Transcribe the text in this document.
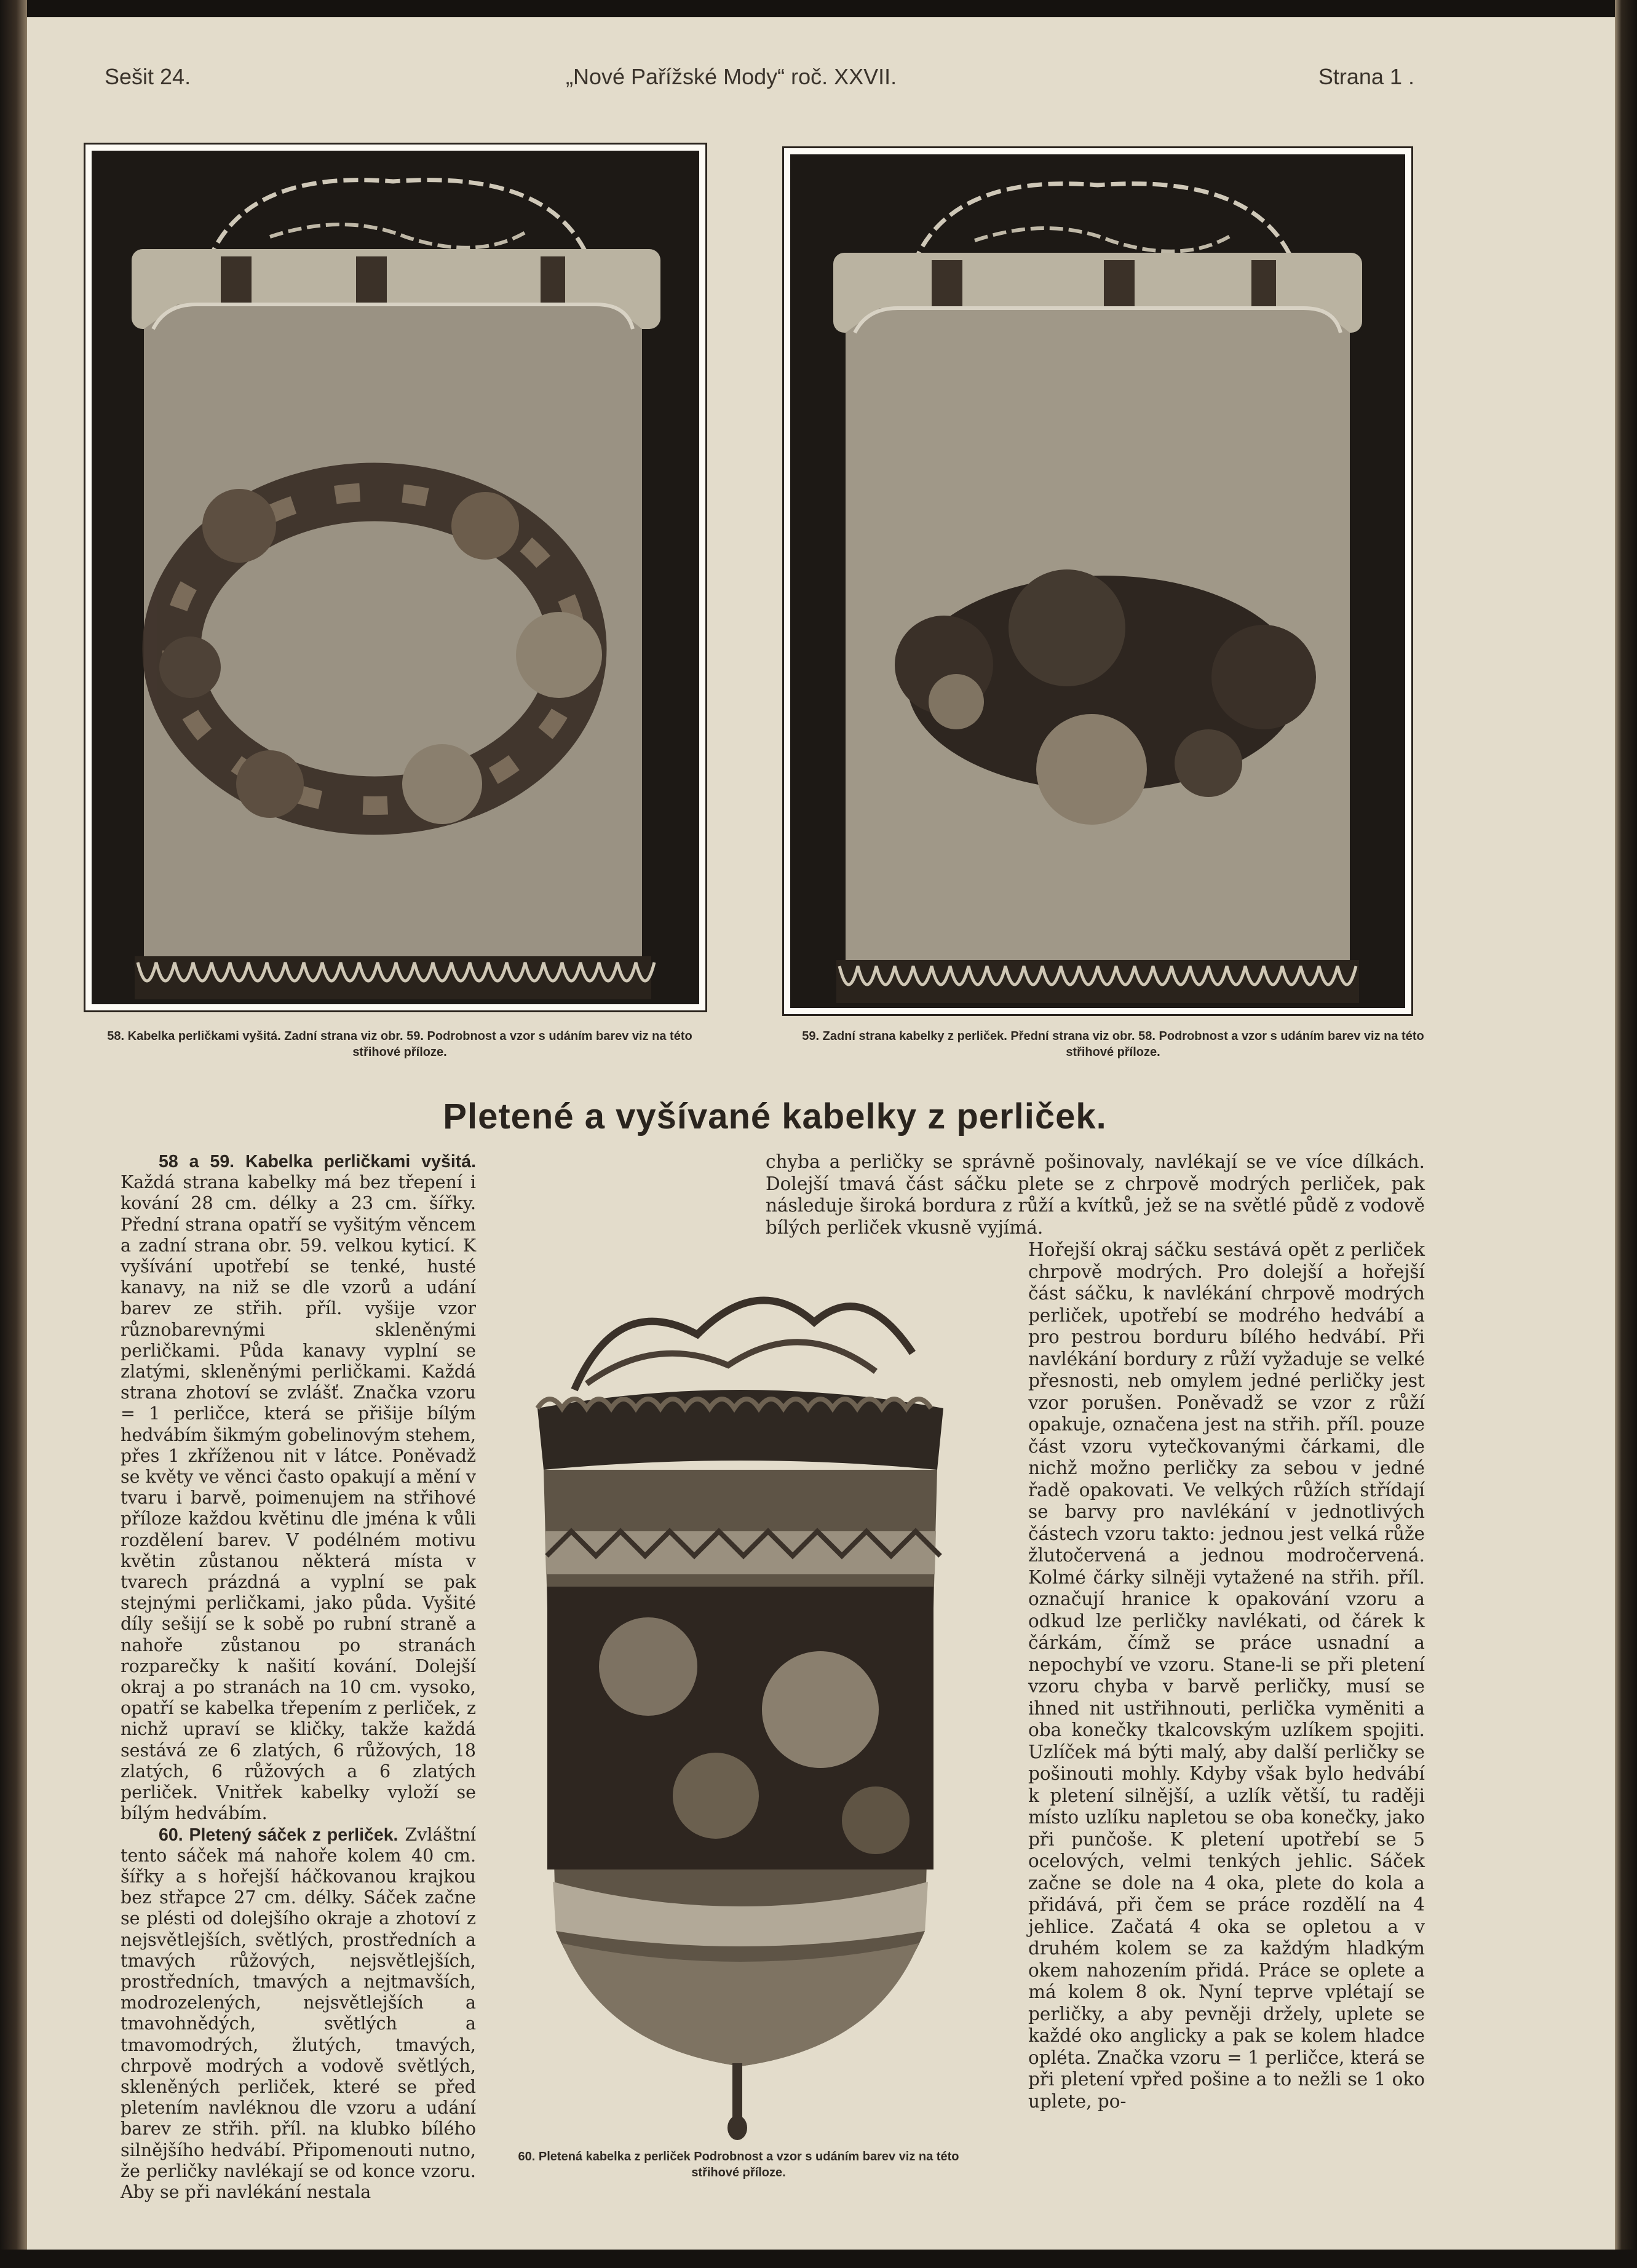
Sešit 24.	„Nové Pařížské Mody“ roč. XXVII.	Strana 1 .
58. Kabelka perličkami vyšitá. Zadní strana viz obr. 59. Podrobnost a vzor s udáním barev viz na této střihové příloze.
59. Zadní strana kabelky z perliček. Přední strana viz obr. 58. Podrobnost a vzor s udáním barev viz na této střihové příloze.
Pletené a vyšívané kabelky z perliček.

58 a 59. Kabelka perličkami vyšitá. Každá strana kabelky má bez třepení i kování 28 cm. délky a 23 cm. šířky. Přední strana opatří se vyšitým věncem a zadní strana obr. 59. velkou kyticí. K vyšívání upotřebí se tenké, husté kanavy, na niž se dle vzorů a udání barev ze střih. příl. vyšije vzor různobarevnými skleněnými perličkami. Půda kanavy vyplní se zlatými, skleněnými perličkami. Každá strana zhotoví se zvlášť. Značka vzoru = 1 perličce, která se přišije bílým hedvábím šikmým gobelinovým stehem, přes 1 zkříženou nit v látce. Poněvadž se květy ve věnci často opakují a mění v tvaru i barvě, poimenujem na střihové příloze každou květinu dle jména k vůli rozdělení barev. V podélném motivu květin zůstanou některá místa v tvarech prázdná a vyplní se pak stejnými perličkami, jako půda. Vyšité díly sešijí se k sobě po rubní straně a nahoře zůstanou po stranách rozparečky k našití kování. Dolejší okraj a po stranách na 10 cm. vysoko, opatří se kabelka třepením z perliček, z nichž upraví se kličky, takže každá sestává ze 6 zlatých, 6 růžových, 18 zlatých, 6 růžových a 6 zlatých perliček. Vnitřek kabelky vyloží se bílým hedvábím.

60. Pletený sáček z perliček. Zvláštní tento sáček má nahoře kolem 40 cm. šířky a s hořejší háčkovanou krajkou bez střapce 27 cm. délky. Sáček začne se plésti od dolejšího okraje a zhotoví z nejsvětlejších, světlých, prostředních a tmavých růžových, nejsvětlejších, prostředních, tmavých a nejtmavších, modrozelených, nejsvětlejších a tmavohnědých, světlých a tmavomodrých, žlutých, tmavých, chrpově modrých a vodově světlých, skleněných perliček, které se před pletením navléknou dle vzoru a udání barev ze střih. příl. na klubko bílého silnějšího hedvábí. Připomenouti nutno, že perličky navlékají se od konce vzoru. Aby se při navlékání nestala

chyba a perličky se správně pošinovaly, navlékají se ve více dílkách. Dolejší tmavá část sáčku plete se z chrpově modrých perliček, pak následuje široká bordura z růží a kvítků, jež se na světlé půdě z vodově bílých perliček vkusně vyjímá.

Hořejší okraj sáčku sestává opět z perliček chrpově modrých. Pro dolejší a hořejší část sáčku, k navlékání chrpově modrých perliček, upotřebí se modrého hedvábí a pro pestrou borduru bílého hedvábí. Při navlékání bordury z růží vyžaduje se velké přesnosti, neb omylem jedné perličky jest vzor porušen. Poněvadž se vzor z růží opakuje, označena jest na střih. příl. pouze část vzoru vytečkovanými čárkami, dle nichž možno perličky za sebou v jedné řadě opakovati. Ve velkých růžích střídají se barvy pro navlékání v jednotlivých částech vzoru takto: jednou jest velká růže žlutočervená a jednou modročervená. Kolmé čárky silněji vytažené na střih. příl. označují hranice k opakování vzoru a odkud lze perličky navlékati, od čárek k čárkám, čímž se práce usnadní a nepochybí ve vzoru. Stane-li se při pletení vzoru chyba v barvě perličky, musí se ihned nit ustřihnouti, perlička vyměniti a oba konečky tkalcovským uzlíkem spojiti. Uzlíček má býti malý, aby další perličky se pošinouti mohly. Kdyby však bylo hedvábí k pletení silnější, a uzlík větší, tu raději místo uzlíku napletou se oba konečky, jako při punčoše. K pletení upotřebí se 5 ocelových, velmi tenkých jehlic. Sáček začne se dole na 4 oka, plete do kola a přidává, při čem se práce rozdělí na 4 jehlice. Začatá 4 oka se opletou a v druhém kolem se za každým hladkým okem nahozením přidá. Práce se oplete a má kolem 8 ok. Nyní teprve vplétají se perličky, a aby pevněji držely, uplete se každé oko anglicky a pak se kolem hladce opléta. Značka vzoru = 1 perličce, která se při pletení vpřed pošine a to nežli se 1 oko uplete, po-

60. Pletená kabelka z perliček Podrobnost a vzor s udáním barev viz na této střihové příloze.
